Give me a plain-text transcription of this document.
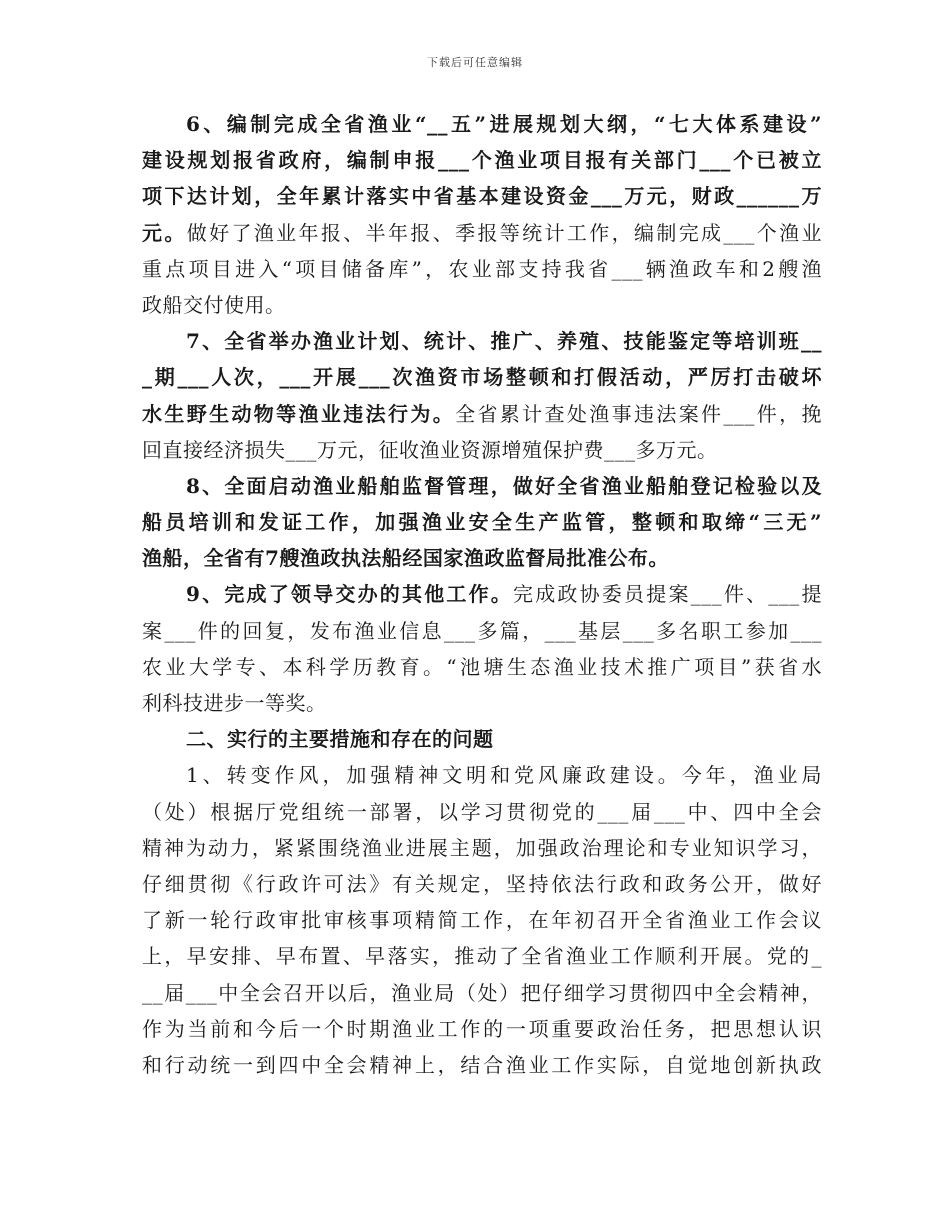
下载后可任意编辑
6、编制完成全省渔业“__五”进展规划大纲，“七大体系建设”
建设规划报省政府，编制申报___个渔业项目报有关部门___个已被立
项下达计划，全年累计落实中省基本建设资金___万元，财政______万
元。做好了渔业年报、半年报、季报等统计工作，编制完成___个渔业
重点项目进入“项目储备库”，农业部支持我省___辆渔政车和2艘渔
政船交付使用。
7、全省举办渔业计划、统计、推广、养殖、技能鉴定等培训班__
_期___人次，___开展___次渔资市场整顿和打假活动，严厉打击破坏
水生野生动物等渔业违法行为。全省累计查处渔事违法案件___件，挽
回直接经济损失___万元，征收渔业资源增殖保护费___多万元。
8、全面启动渔业船舶监督管理，做好全省渔业船舶登记检验以及
船员培训和发证工作，加强渔业安全生产监管，整顿和取缔“三无”
渔船，全省有7艘渔政执法船经国家渔政监督局批准公布。
9、完成了领导交办的其他工作。完成政协委员提案___件、___提
案___件的回复，发布渔业信息___多篇，___基层___多名职工参加___
农业大学专、本科学历教育。“池塘生态渔业技术推广项目”获省水
利科技进步一等奖。
二、实行的主要措施和存在的问题
1、转变作风，加强精神文明和党风廉政建设。今年，渔业局
（处）根据厅党组统一部署，以学习贯彻党的___届___中、四中全会
精神为动力，紧紧围绕渔业进展主题，加强政治理论和专业知识学习，
仔细贯彻《行政许可法》有关规定，坚持依法行政和政务公开，做好
了新一轮行政审批审核事项精简工作，在年初召开全省渔业工作会议
上，早安排、早布置、早落实，推动了全省渔业工作顺利开展。党的_
__届___中全会召开以后，渔业局（处）把仔细学习贯彻四中全会精神，
作为当前和今后一个时期渔业工作的一项重要政治任务，把思想认识
和行动统一到四中全会精神上，结合渔业工作实际，自觉地创新执政
